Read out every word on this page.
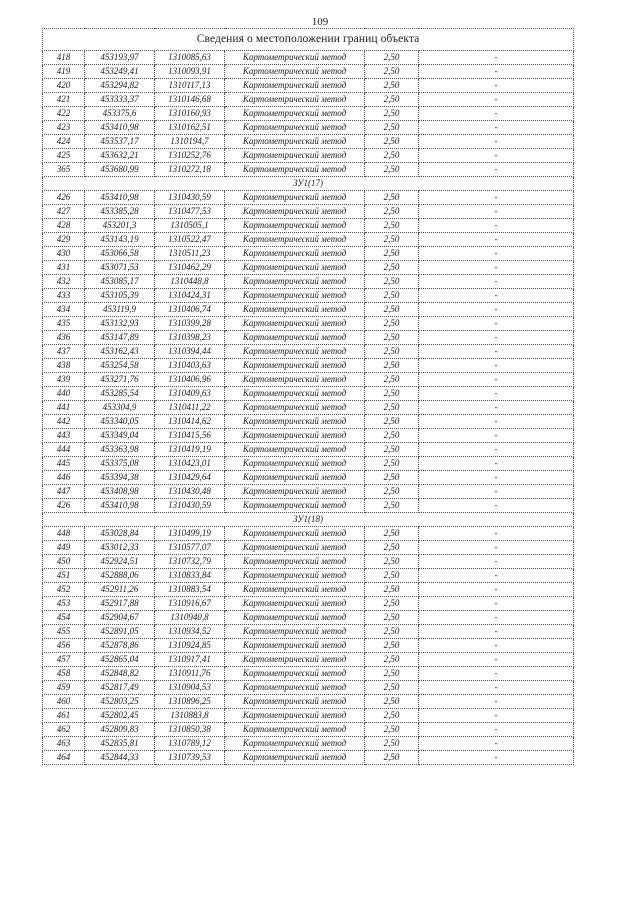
109
Сведения о местоположении границ объекта					
418	453193,97	1310085,63	Картометрический метод	2,50	-
419	453249,41	1310093,91	Картометрический метод	2,50	-
420	453294,82	1310117,13	Картометрический метод	2,50	-
421	453333,37	1310146,68	Картометрический метод	2,50	-
422	453375,6	1310160,93	Картометрический метод	2,50	-
423	453410,98	1310162,51	Картометрический метод	2,50	-
424	453537,17	1310194,7	Картометрический метод	2,50	-
425	453632,21	1310252,76	Картометрический метод	2,50	-
365	453680,99	1310272,18	Картометрический метод	2,50	-
ЗУ1(17)					
426	453410,98	1310430,59	Картометрический метод	2,50	-
427	453385,28	1310477,53	Картометрический метод	2,50	-
428	453201,3	1310505,1	Картометрический метод	2,50	-
429	453143,19	1310522,47	Картометрический метод	2,50	-
430	453066,58	1310511,23	Картометрический метод	2,50	-
431	453071,53	1310462,29	Картометрический метод	2,50	-
432	453085,17	1310448,8	Картометрический метод	2,50	-
433	453105,39	1310424,31	Картометрический метод	2,50	-
434	453119,9	1310406,74	Картометрический метод	2,50	-
435	453132,93	1310399,28	Картометрический метод	2,50	-
436	453147,89	1310398,23	Картометрический метод	2,50	-
437	453162,43	1310394,44	Картометрический метод	2,50	-
438	453254,58	1310403,63	Картометрический метод	2,50	-
439	453271,76	1310406,96	Картометрический метод	2,50	-
440	453285,54	1310409,63	Картометрический метод	2,50	-
441	453304,9	1310411,22	Картометрический метод	2,50	-
442	453340,05	1310414,62	Картометрический метод	2,50	-
443	453349,04	1310415,56	Картометрический метод	2,50	-
444	453363,98	1310419,19	Картометрический метод	2,50	-
445	453375,08	1310423,01	Картометрический метод	2,50	-
446	453394,38	1310429,64	Картометрический метод	2,50	-
447	453408,98	1310430,48	Картометрический метод	2,50	-
426	453410,98	1310430,59	Картометрический метод	2,50	-
ЗУ1(18)					
448	453028,84	1310499,19	Картометрический метод	2,50	-
449	453012,33	1310577,07	Картометрический метод	2,50	-
450	452924,51	1310732,79	Картометрический метод	2,50	-
451	452888,06	1310833,84	Картометрический метод	2,50	-
452	452911,26	1310883,54	Картометрический метод	2,50	-
453	452917,88	1310916,67	Картометрический метод	2,50	-
454	452904,67	1310940,8	Картометрический метод	2,50	-
455	452891,05	1310934,52	Картометрический метод	2,50	-
456	452878,86	1310924,85	Картометрический метод	2,50	-
457	452865,04	1310917,41	Картометрический метод	2,50	-
458	452848,82	1310911,76	Картометрический метод	2,50	-
459	452817,49	1310904,53	Картометрический метод	2,50	-
460	452803,25	1310896,25	Картометрический метод	2,50	-
461	452802,45	1310883,8	Картометрический метод	2,50	-
462	452809,83	1310850,38	Картометрический метод	2,50	-
463	452835,81	1310789,12	Картометрический метод	2,50	-
464	452844,33	1310739,53	Картометрический метод	2,50	-
